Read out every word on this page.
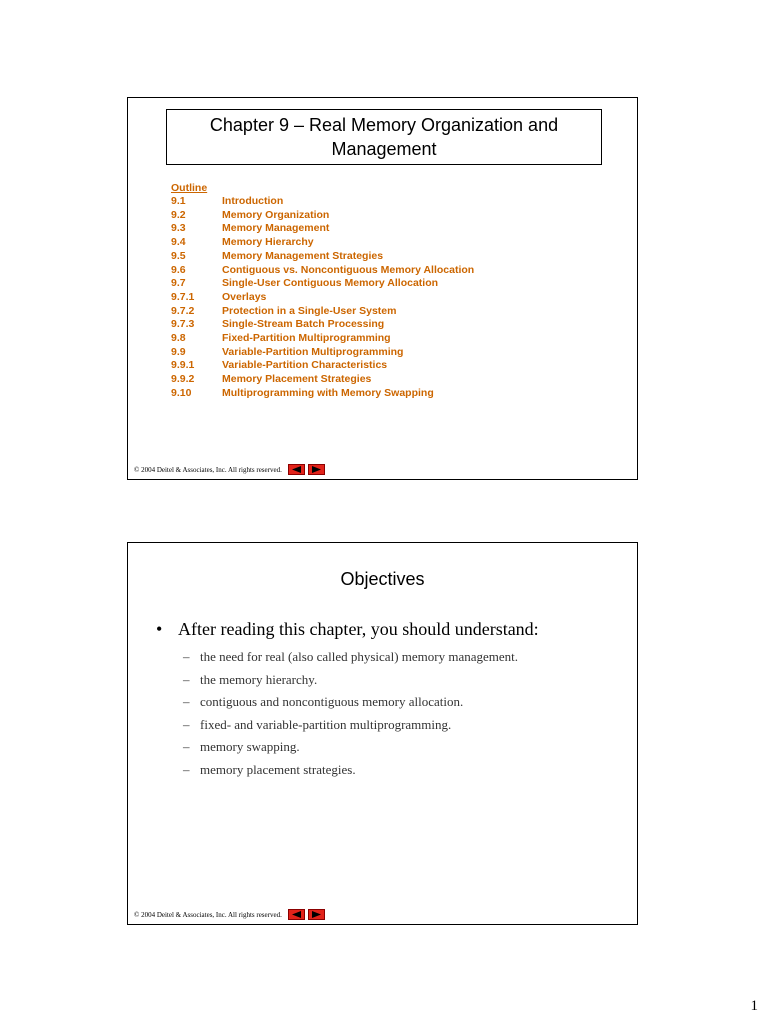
Chapter 9 – Real Memory Organization and Management
Outline
9.1	Introduction
9.2	Memory Organization
9.3	Memory Management
9.4	Memory Hierarchy
9.5	Memory Management Strategies
9.6	Contiguous vs. Noncontiguous Memory Allocation
9.7	Single-User Contiguous Memory Allocation
9.7.1	Overlays
9.7.2	Protection in a Single-User System
9.7.3	Single-Stream Batch Processing
9.8	Fixed-Partition Multiprogramming
9.9	Variable-Partition Multiprogramming
9.9.1	Variable-Partition Characteristics
9.9.2	Memory Placement Strategies
9.10	Multiprogramming with Memory Swapping
© 2004 Deitel & Associates, Inc. All rights reserved.
Objectives
• After reading this chapter, you should understand:
– the need for real (also called physical) memory management.
– the memory hierarchy.
– contiguous and noncontiguous memory allocation.
– fixed- and variable-partition multiprogramming.
– memory swapping.
– memory placement strategies.
© 2004 Deitel & Associates, Inc. All rights reserved.
1
